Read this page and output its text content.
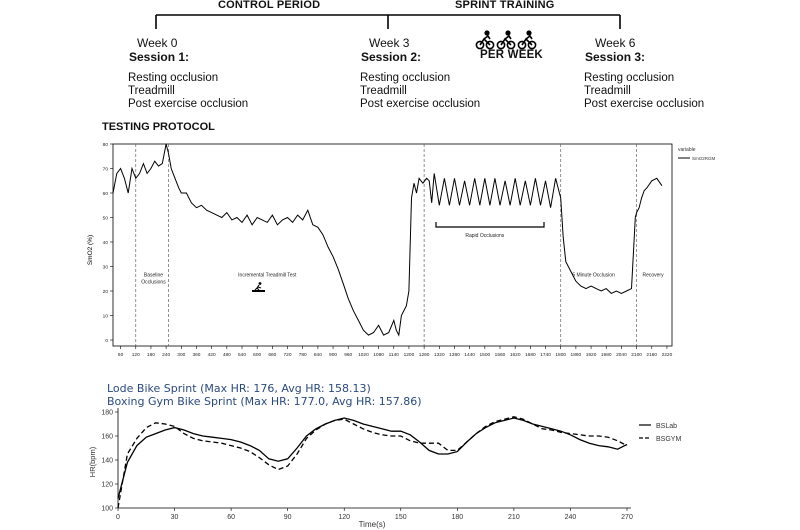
CONTROL PERIOD	SPRINT TRAINING
PER WEEK
Week 0
Session 1:
Resting occlusion
Treadmill
Post exercise occlusion
Week 3
Session 2:
Resting occlusion
Treadmill
Post exercise occlusion
Week 6
Session 3:
Resting occlusion
Treadmill
Post exercise occlusion
TESTING PROTOCOL
SmO2 (%)
variable
SmO2RGM
60 120 180 240 300 360 420 480 540 600 660 720 780 840 900 960 1020 1080 1140 1200 1260 1320 1380 1440 1500 1560 1620 1680 1740 1800 1860 1920 1980 2040 2100 2160 2220
0
10
20
30
40
50
60
70
80
Baseline
Occlusions
Incremental Treadmill Test
Rapid Occlusions
5 Minute Occlusion	Recovery
Lode Bike Sprint (Max HR: 176, Avg HR: 158.13)
Boxing Gym Bike Sprint (Max HR: 177.0, Avg HR: 157.86)
HR(bpm)
Time(s)
BSLab
BSGYM
0	30	60	90	120	150	180	210	240	270
100
120
140
160
180
